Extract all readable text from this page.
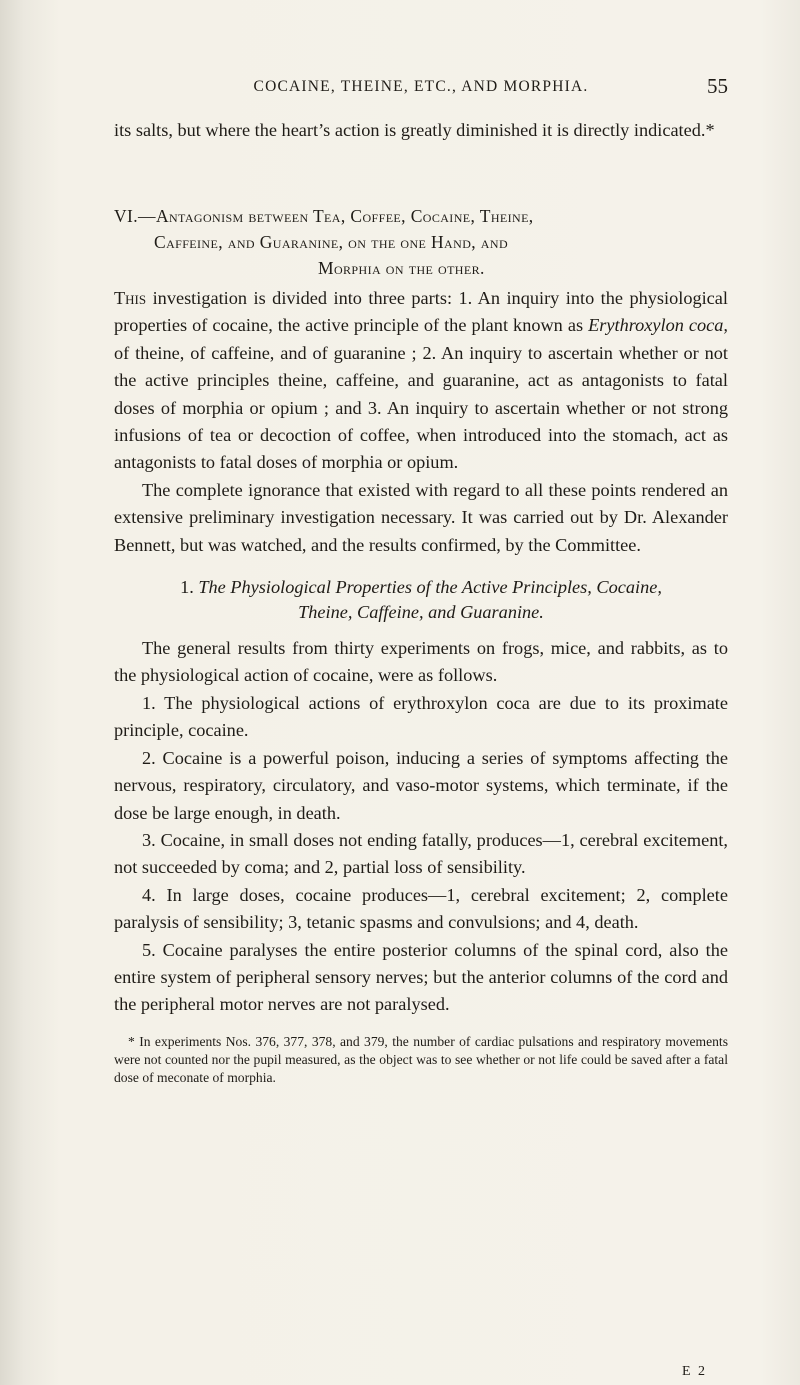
COCAINE, THEINE, ETC., AND MORPHIA.	55

its salts, but where the heart’s action is greatly diminished it is directly indicated.*

VI.—Antagonism between Tea, Coffee, Cocaine, Theine,
Caffeine, and Guaranine, on the one Hand, and
Morphia on the other.

This investigation is divided into three parts: 1. An inquiry into the physiological properties of cocaine, the active principle of the plant known as Erythroxylon coca, of theine, of caffeine, and of guaranine ; 2. An inquiry to ascertain whether or not the active principles theine, caffeine, and guaranine, act as antagonists to fatal doses of morphia or opium ; and 3. An inquiry to ascertain whether or not strong infusions of tea or decoction of coffee, when introduced into the stomach, act as antagonists to fatal doses of morphia or opium.

The complete ignorance that existed with regard to all these points rendered an extensive preliminary investigation necessary. It was carried out by Dr. Alexander Bennett, but was watched, and the results confirmed, by the Committee.

1. The Physiological Properties of the Active Principles, Cocaine,
Theine, Caffeine, and Guaranine.

The general results from thirty experiments on frogs, mice, and rabbits, as to the physiological action of cocaine, were as follows.

1. The physiological actions of erythroxylon coca are due to its proximate principle, cocaine.

2. Cocaine is a powerful poison, inducing a series of symptoms affecting the nervous, respiratory, circulatory, and vaso-motor systems, which terminate, if the dose be large enough, in death.

3. Cocaine, in small doses not ending fatally, produces—1, cerebral excitement, not succeeded by coma; and 2, partial loss of sensibility.

4. In large doses, cocaine produces—1, cerebral excitement; 2, complete paralysis of sensibility; 3, tetanic spasms and convulsions; and 4, death.

5. Cocaine paralyses the entire posterior columns of the spinal cord, also the entire system of peripheral sensory nerves; but the anterior columns of the cord and the peripheral motor nerves are not paralysed.

* In experiments Nos. 376, 377, 378, and 379, the number of cardiac pulsations and respiratory movements were not counted nor the pupil measured, as the object was to see whether or not life could be saved after a fatal dose of meconate of morphia.

E 2
